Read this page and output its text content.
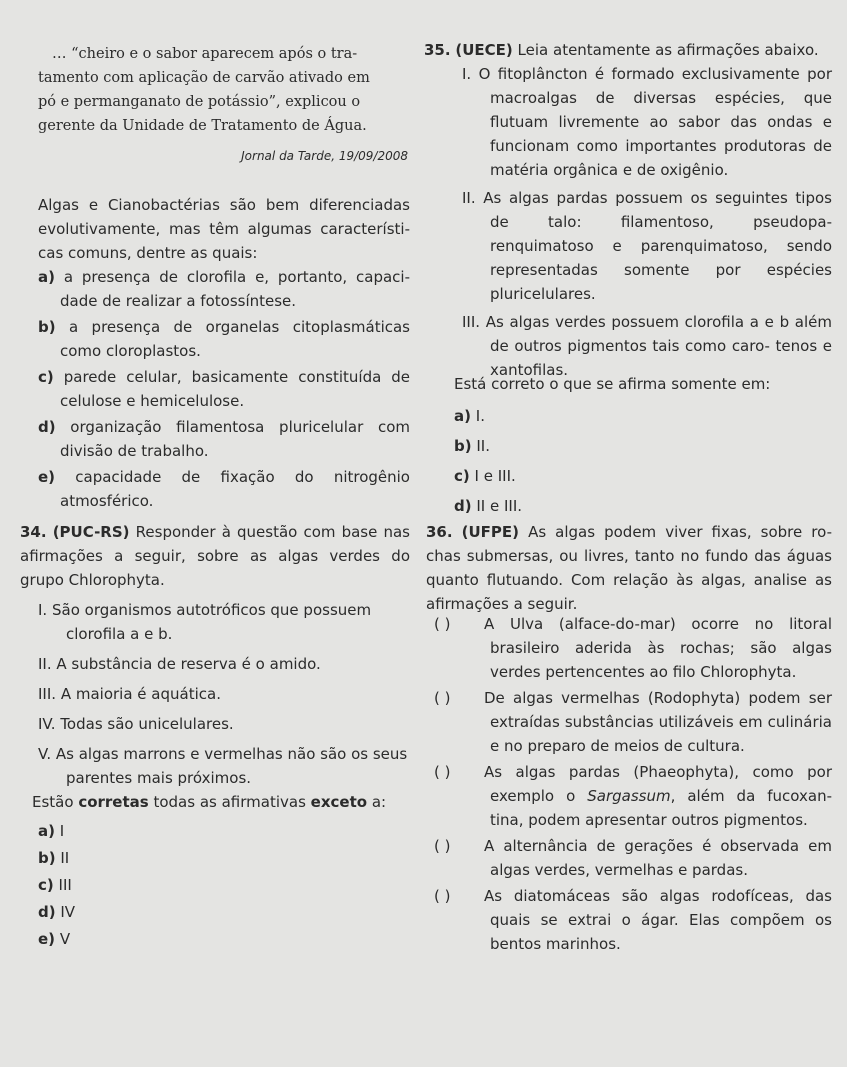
… “cheiro e o sabor aparecem após o tra-
tamento com aplicação de carvão ativado em
pó e permanganato de potássio”, explicou o
gerente da Unidade de Tratamento de Água.
Jornal da Tarde, 19/09/2008
Algas e Cianobactérias são bem diferenciadas evolutivamente, mas têm algumas característi- cas comuns, dentre as quais:
a) a presença de clorofila e, portanto, capaci- dade de realizar a fotossíntese.
b) a presença de organelas citoplasmáticas como cloroplastos.
c) parede celular, basicamente constituída de celulose e hemicelulose.
d) organização filamentosa pluricelular com divisão de trabalho.
e) capacidade de fixação do nitrogênio atmosférico.
34. (PUC-RS) Responder à questão com base nas afirmações a seguir, sobre as algas verdes do grupo Chlorophyta.
I. São organismos autotróficos que possuem clorofila a e b.
II. A substância de reserva é o amido.
III. A maioria é aquática.
IV. Todas são unicelulares.
V. As algas marrons e vermelhas não são os seus parentes mais próximos.
Estão corretas todas as afirmativas exceto a:
a) I
b) II
c) III
d) IV
e) V
35. (UECE) Leia atentamente as afirmações abaixo.
I. O fitoplâncton é formado exclusivamente por macroalgas de diversas espécies, que flutuam livremente ao sabor das ondas e funcionam como importantes produtoras de matéria orgânica e de oxigênio.
II. As algas pardas possuem os seguintes tipos de talo: filamentoso, pseudopa- renquimatoso e parenquimatoso, sendo representadas somente por espécies pluricelulares.
III. As algas verdes possuem clorofila a e b além de outros pigmentos tais como caro- tenos e xantofilas.
Está correto o que se afirma somente em:
a) I.
b) II.
c) I e III.
d) II e III.
36. (UFPE) As algas podem viver fixas, sobre ro- chas submersas, ou livres, tanto no fundo das águas quanto flutuando. Com relação às algas, analise as afirmações a seguir.
( ) A Ulva (alface-do-mar) ocorre no litoral brasileiro aderida às rochas; são algas verdes pertencentes ao filo Chlorophyta.
( ) De algas vermelhas (Rodophyta) podem ser extraídas substâncias utilizáveis em culinária e no preparo de meios de cultura.
( ) As algas pardas (Phaeophyta), como por exemplo o Sargassum, além da fucoxan- tina, podem apresentar outros pigmentos.
( ) A alternância de gerações é observada em algas verdes, vermelhas e pardas.
( ) As diatomáceas são algas rodofíceas, das quais se extrai o ágar. Elas compõem os bentos marinhos.
